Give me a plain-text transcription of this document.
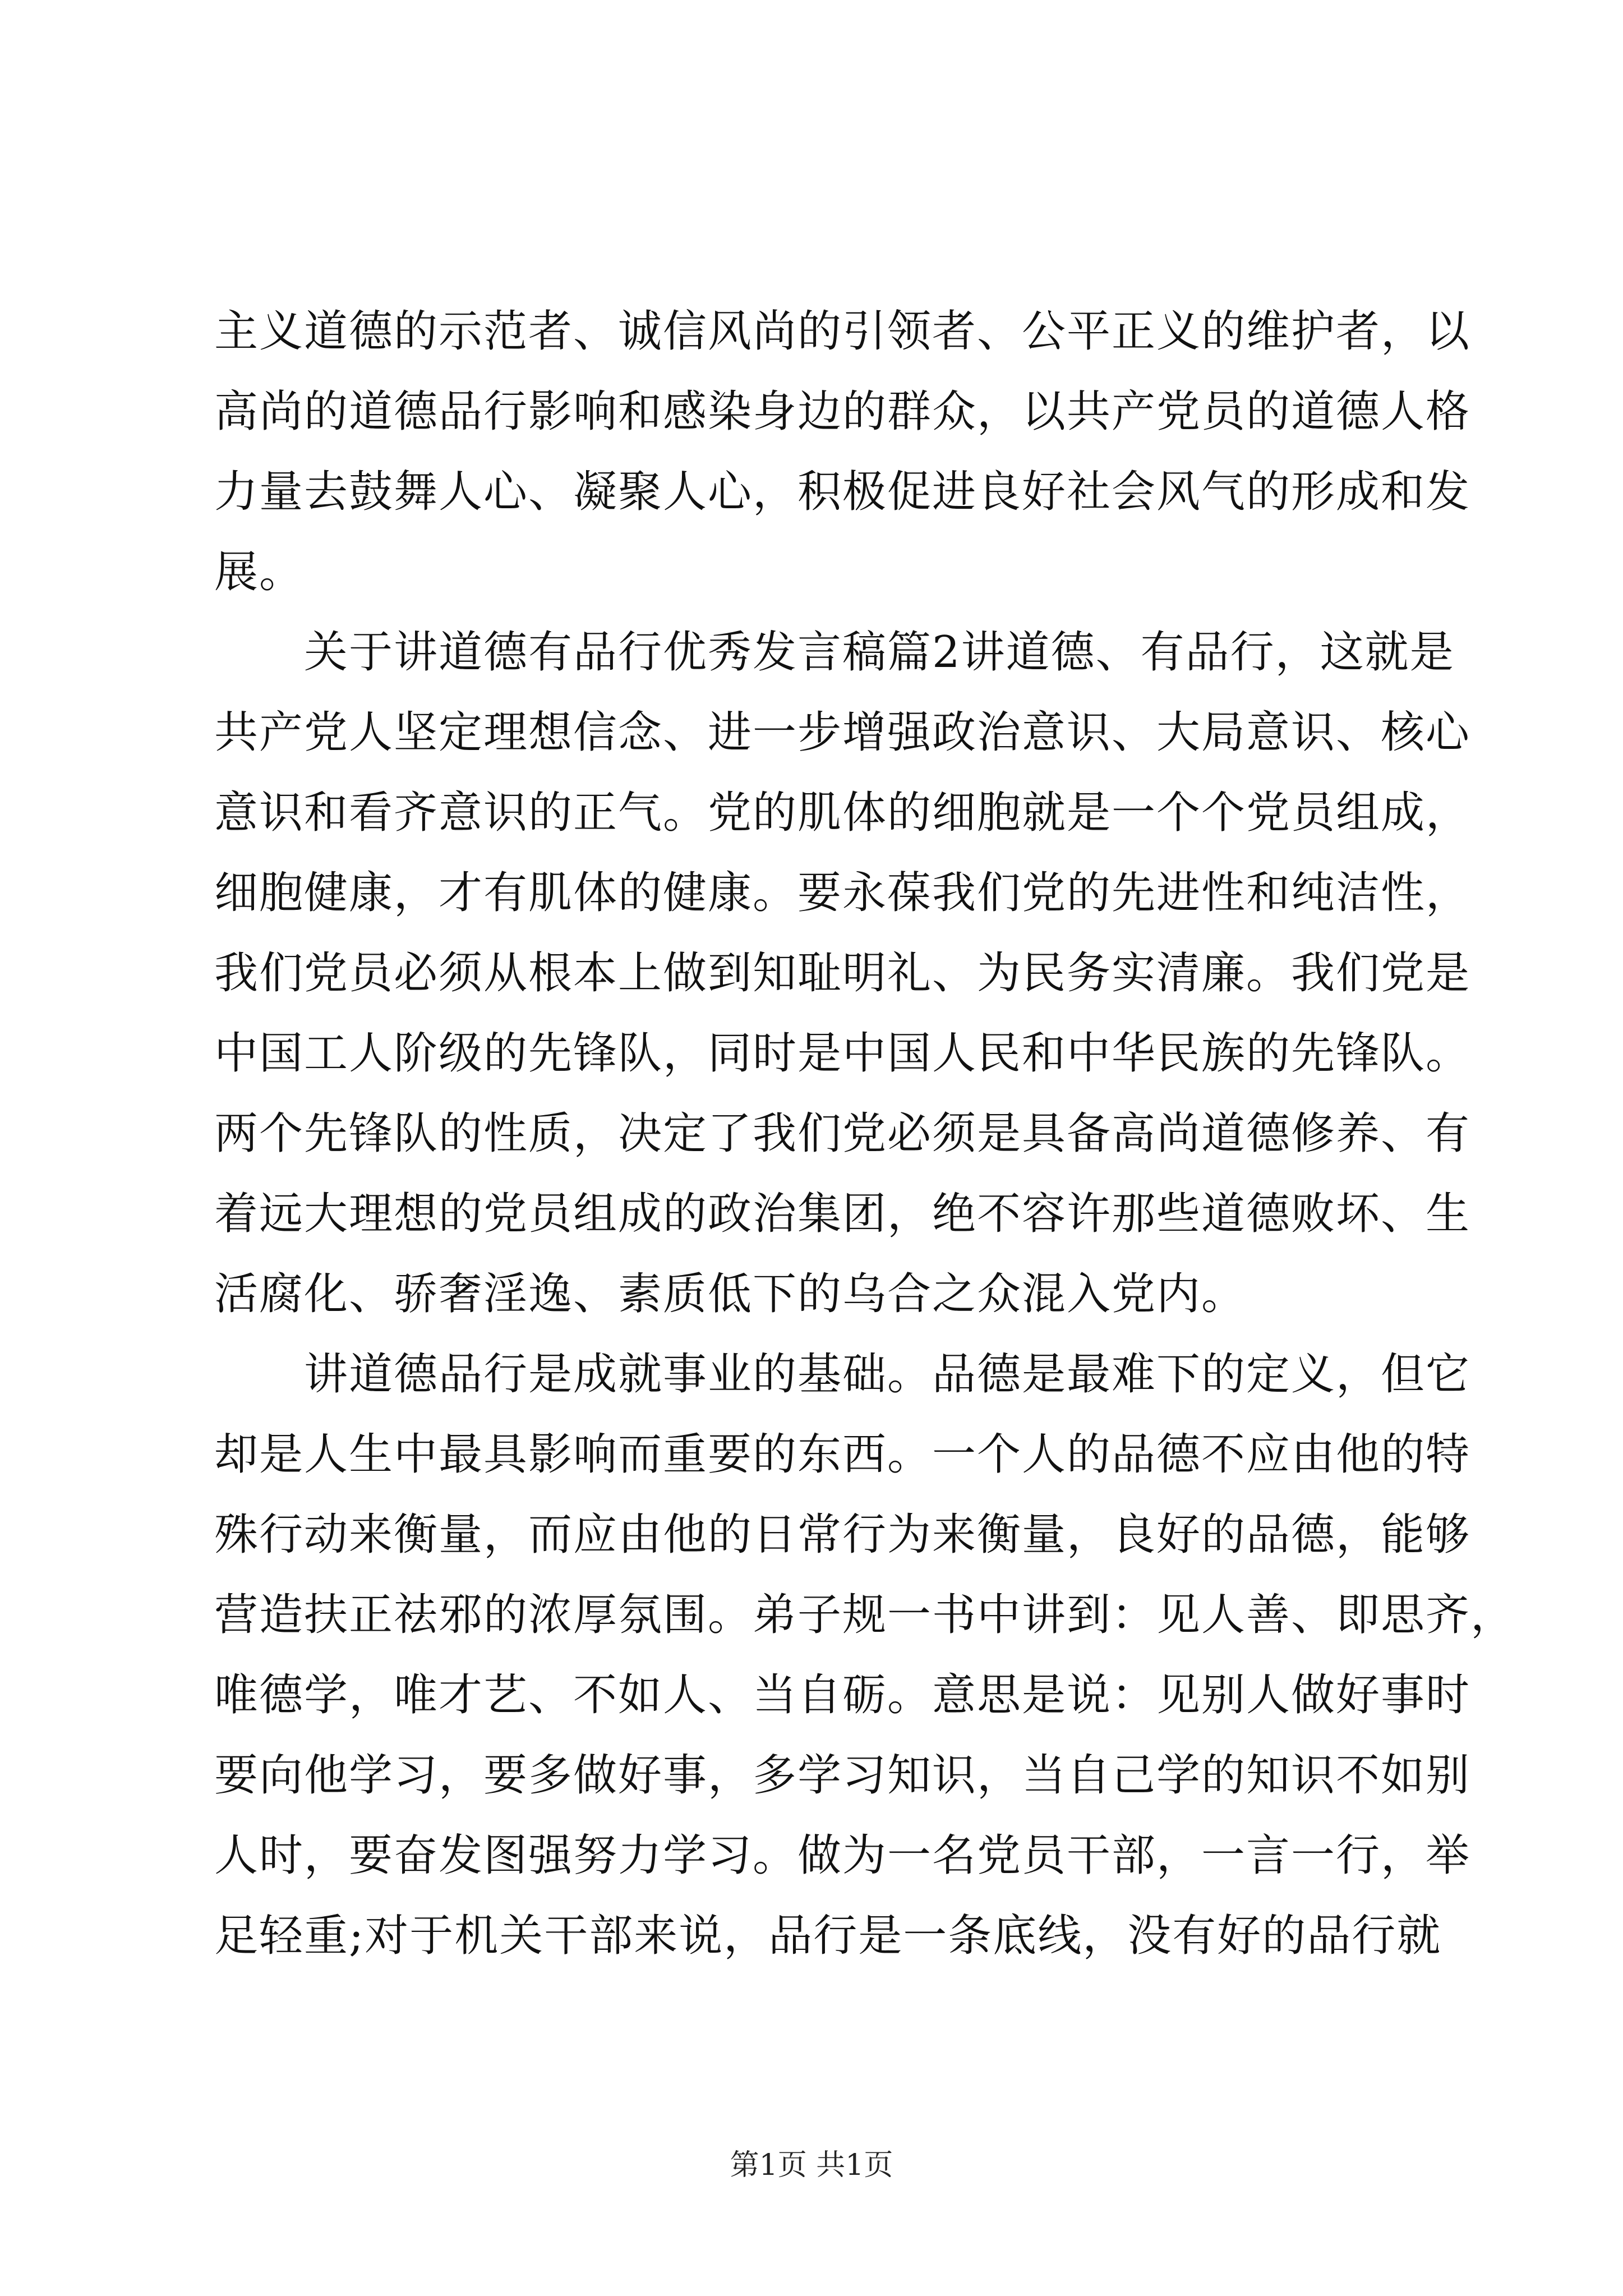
主义道德的示范者、诚信风尚的引领者、公平正义的维护者，以
高尚的道德品行影响和感染身边的群众，以共产党员的道德人格
力量去鼓舞人心、凝聚人心，积极促进良好社会风气的形成和发
展。
　　关于讲道德有品行优秀发言稿篇2讲道德、有品行，这就是
共产党人坚定理想信念、进一步增强政治意识、大局意识、核心
意识和看齐意识的正气。党的肌体的细胞就是一个个党员组成，
细胞健康，才有肌体的健康。要永葆我们党的先进性和纯洁性，
我们党员必须从根本上做到知耻明礼、为民务实清廉。我们党是
中国工人阶级的先锋队，同时是中国人民和中华民族的先锋队。
两个先锋队的性质，决定了我们党必须是具备高尚道德修养、有
着远大理想的党员组成的政治集团，绝不容许那些道德败坏、生
活腐化、骄奢淫逸、素质低下的乌合之众混入党内。
　　讲道德品行是成就事业的基础。品德是最难下的定义，但它
却是人生中最具影响而重要的东西。一个人的品德不应由他的特
殊行动来衡量，而应由他的日常行为来衡量，良好的品德，能够
营造扶正祛邪的浓厚氛围。弟子规一书中讲到：见人善、即思齐，
唯德学，唯才艺、不如人、当自砺。意思是说：见别人做好事时
要向他学习，要多做好事，多学习知识，当自己学的知识不如别
人时，要奋发图强努力学习。做为一名党员干部，一言一行，举
足轻重;对于机关干部来说，品行是一条底线，没有好的品行就
第1页 共1页
